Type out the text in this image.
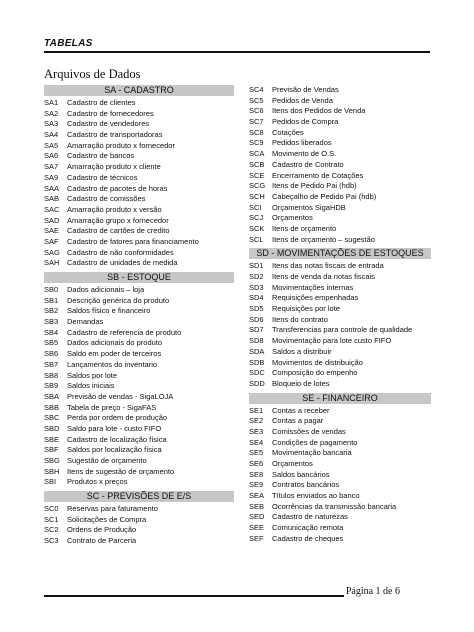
TABELAS
Arquivos de Dados
SA - CADASTRO
SA1	Cadastro de clientes
SA2	Cadastro de fornecedores
SA3	Cadastro de vendedores
SA4	Cadastro de transportadoras
SA5	Amarração produto x fornecedor
SA6	Cadastro de bancos
SA7	Amarração produto x cliente
SA9	Cadastro de técnicos
SAA	Cadastro de pacotes de horas
SAB	Cadastro de comissões
SAC	Amarração produto x versão
SAD	Amarração grupo x fornecedor
SAE	Cadastro de cartões de credito
SAF	Cadastro de fatores para financiamento
SAG Cadastro de não conformidades
SAH	Cadastro de unidades de medida
SB - ESTOQUE
SB0	Dados adicionais – loja
SB1	Descrição genérica do produto
SB2	Saldos físico e financeiro
SB3	Demandas
SB4	Cadastro de referencia de produto
SB5	Dados adicionais do produto
SB6	Saldo em poder de terceiros
SB7	Lançamentos do inventario
SB8	Saldos por lote
SB9	Saldos iniciais
SBA	Previsão de vendas - SigaLOJA
SBB	Tabela de preço - SigaFAS
SBC	Perda por ordem de produção
SBD	Saldo para lote - custo FIFO
SBE	Cadastro de localização física
SBF	Saldos por localização física
SBG Sugestão de orçamento
SBH	Itens de sugestão de orçamento
SBI	Produtos x preços
SC - PREVISÕES DE E/S
SC0	Reservas para faturamento
SC1	Solicitações de Compra
SC2	Ordens de Produção
SC3	Contrato de Parceria
SC4	Previsão de Vendas
SC5	Pedidos de Venda
SC6	Itens dos Pedidos de Venda
SC7	Pedidos de Compra
SC8	Cotações
SC9	Pedidos liberados
SCA	Movimento de O.S.
SCB	Cadastro de Contrato
SCE	Encerramento de Cotações
SCG Itens de Pedido Pai (hdb)
SCH Cabeçalho de Pedido Pai (hdb)
SCI	Orçamentos SigaHDB
SCJ	Orçamentos
SCK	Itens de orçamento
SCL	Itens de orçamento – sugestão
SD - MOVIMENTAÇÕES DE ESTOQUES
SD1	Itens das notas fiscais de entrada
SD2	Itens de venda da notas fiscais
SD3	Movimentações internas
SD4	Requisições empenhadas
SD5	Requisições por lote
SD6	Itens do contrato
SD7	Transferencias para controle de qualidade
SD8	Movimentação para lote custo FIFO
SDA	Saldos a distribuir
SDB	Movimentos de distribuição
SDC Composição do empenho
SDD Bloqueio de lotes
SE - FINANCEIRO
SE1	Contas a receber
SE2	Contas a pagar
SE3	Comissões de vendas
SE4	Condições de pagamento
SE5	Movimentação bancaria
SE6	Orçamentos
SE8	Saldos bancários
SE9	Contratos bancários
SEA	Títulos enviados ao banco
SEB	Ocorrências da transmissão bancaria
SED	Cadastro de naturezas
SEE	Comunicação remota
SEF	Cadastro de cheques
Página 1 de 6
